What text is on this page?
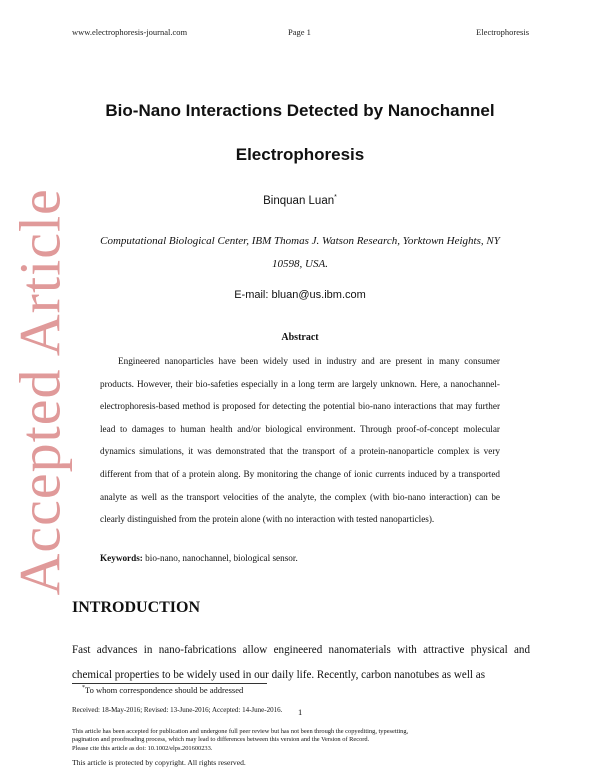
www.electrophoresis-journal.com	Page 1	Electrophoresis
Accepted Article
Bio-Nano Interactions Detected by Nanochannel
Electrophoresis
Binquan Luan*
Computational Biological Center, IBM Thomas J. Watson Research, Yorktown Heights, NY
10598, USA.
E-mail: bluan@us.ibm.com
Abstract
Engineered nanoparticles have been widely used in industry and are present in many consumer products. However, their bio-safeties especially in a long term are largely unknown. Here, a nanochannel-electrophoresis-based method is proposed for detecting the potential bio-nano interactions that may further lead to damages to human health and/or biological environment. Through proof-of-concept molecular dynamics simulations, it was demonstrated that the transport of a protein-nanoparticle complex is very different from that of a protein along. By monitoring the change of ionic currents induced by a transported analyte as well as the transport velocities of the analyte, the complex (with bio-nano interaction) can be clearly distinguished from the protein alone (with no interaction with tested nanoparticles).
Keywords: bio-nano, nanochannel, biological sensor.
INTRODUCTION
Fast advances in nano-fabrications allow engineered nanomaterials with attractive physical and chemical properties to be widely used in our daily life. Recently, carbon nanotubes as well as
*To whom correspondence should be addressed
Received: 18-May-2016; Revised: 13-June-2016; Accepted: 14-June-2016. 1
This article has been accepted for publication and undergone full peer review but has not been through the copyediting, typesetting,
pagination and proofreading process, which may lead to differences between this version and the Version of Record.
Please cite this article as doi: 10.1002/elps.201600233.
This article is protected by copyright. All rights reserved.
